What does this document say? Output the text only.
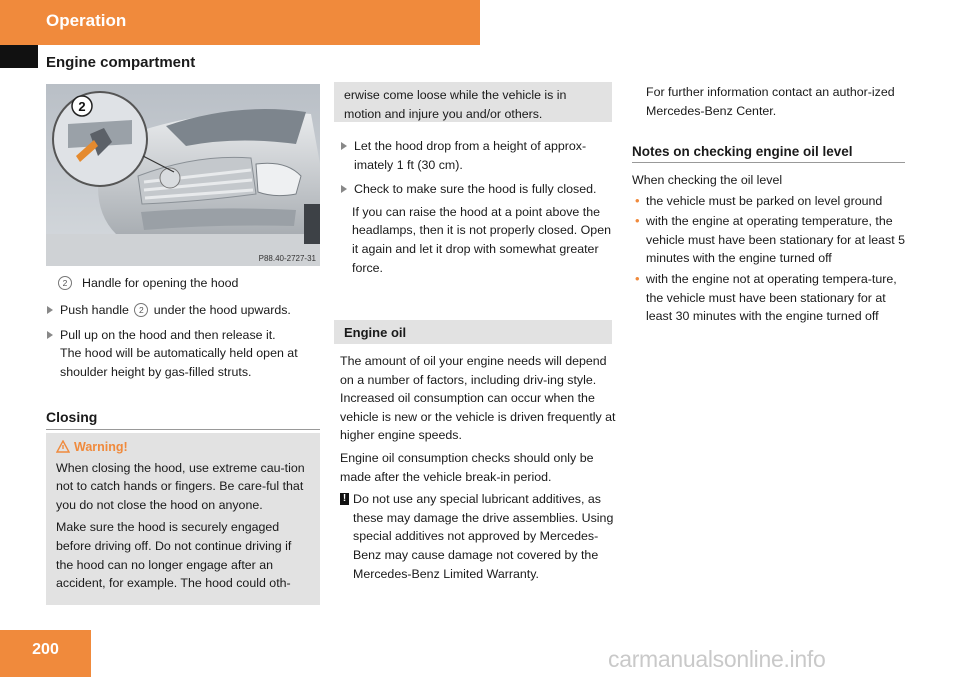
Operation
Engine compartment
2
P88.40-2727-31
2 Handle for opening the hood

Push handle 2 under the hood upwards.

Pull up on the hood and then release it.

The hood will be automatically held open at shoulder height by gas-filled struts.

Closing
Warning!

When closing the hood, use extreme cau-tion not to catch hands or fingers. Be care-ful that you do not close the hood on anyone.

Make sure the hood is securely engaged before driving off. Do not continue driving if the hood can no longer engage after an accident, for example. The hood could oth-

erwise come loose while the vehicle is in motion and injure you and/or others.

Let the hood drop from a height of approx-imately 1 ft (30 cm).

Check to make sure the hood is fully closed.

If you can raise the hood at a point above the headlamps, then it is not properly closed. Open it again and let it drop with somewhat greater force.

Engine oil

The amount of oil your engine needs will depend on a number of factors, including driv-ing style. Increased oil consumption can occur when the vehicle is new or the vehicle is driven frequently at higher engine speeds.

Engine oil consumption checks should only be made after the vehicle break-in period.

! Do not use any special lubricant additives, as these may damage the drive assemblies. Using special additives not approved by Mercedes-Benz may cause damage not covered by the Mercedes-Benz Limited Warranty.

For further information contact an author-ized Mercedes-Benz Center.
Notes on checking engine oil level

When checking the oil level

• the vehicle must be parked on level ground

• with the engine at operating temperature, the vehicle must have been stationary for at least 5 minutes with the engine turned off

• with the engine not at operating tempera-ture, the vehicle must have been stationary for at least 30 minutes with the engine turned off

200	carmanualsonline.info
